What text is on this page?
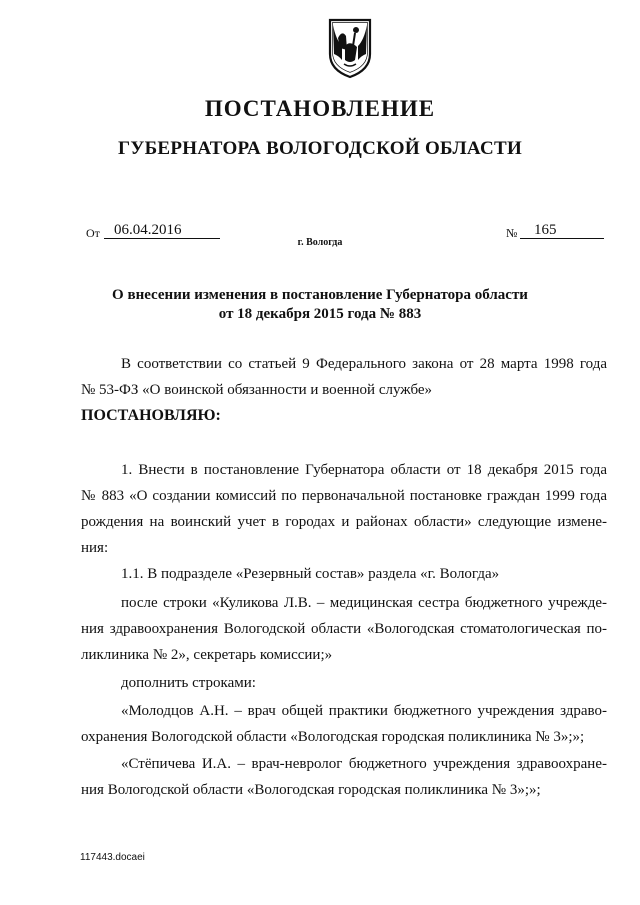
ПОСТАНОВЛЕНИЕ
ГУБЕРНАТОРА ВОЛОГОДСКОЙ ОБЛАСТИ
От 06.04.2016	№	165
г. Вологда
О внесении изменения в постановление Губернатора области
от 18 декабря 2015 года № 883
В соответствии со статьей 9 Федерального закона от 28 марта 1998 года
№ 53-ФЗ «О воинской обязанности и военной службе»
ПОСТАНОВЛЯЮ:
1. Внести в постановление Губернатора области от 18 декабря 2015 года
№ 883 «О создании комиссий по первоначальной постановке граждан 1999 года
рождения на воинский учет в городах и районах области» следующие измене-
ния:
1.1. В подразделе «Резервный состав» раздела «г. Вологда»
после строки «Куликова Л.В. – медицинская сестра бюджетного учрежде-
ния здравоохранения Вологодской области «Вологодская стоматологическая по-
ликлиника № 2», секретарь комиссии;»
дополнить строками:
«Молодцов А.Н. – врач общей практики бюджетного учреждения здраво-
охранения Вологодской области «Вологодская городская поликлиника № 3»;»;
«Стёпичева И.А. – врач-невролог бюджетного учреждения здравоохране-
ния Вологодской области «Вологодская городская поликлиника № 3»;»;
117443.docaei
